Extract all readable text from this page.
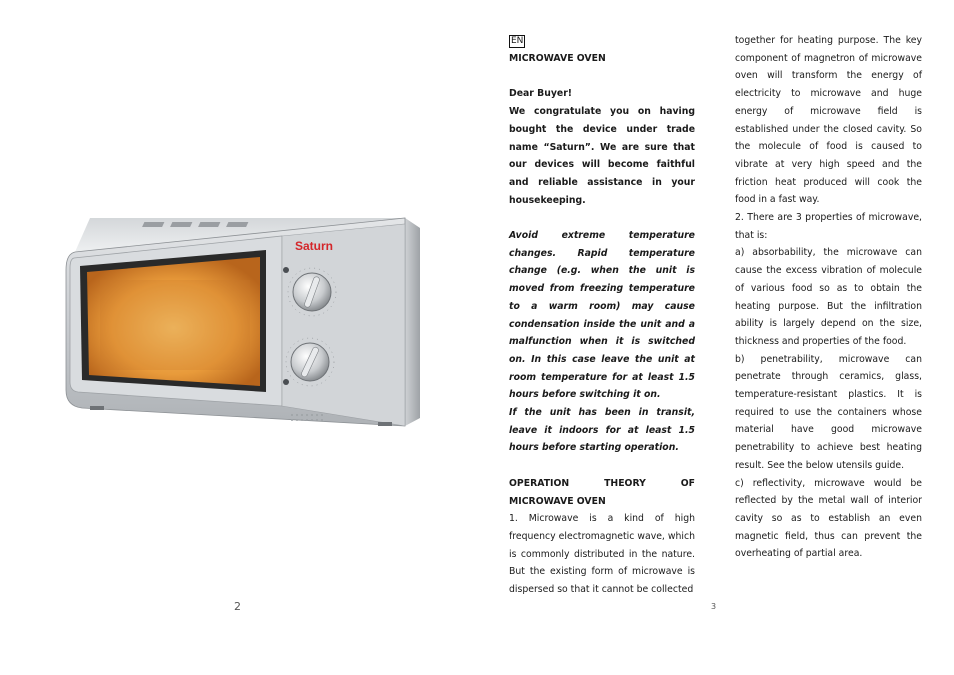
Saturn

EN

MICROWAVE OVEN

Dear Buyer!

We congratulate you on having bought the device under trade name “Saturn”. We are sure that our devices will become faithful and reliable assistance in your housekeeping.

Avoid extreme temperature changes. Rapid temperature change (e.g. when the unit is moved from freezing temperature to a warm room) may cause condensation inside the unit and a malfunction when it is switched on. In this case leave the unit at room temperature for at least 1.5 hours before switching it on.

If the unit has been in transit, leave it indoors for at least 1.5 hours before starting operation.

OPERATION THEORY OF MICROWAVE OVEN

1. Microwave is a kind of high frequency electromagnetic wave, which is commonly distributed in the nature. But the existing form of microwave is dispersed so that it cannot be collected

together for heating purpose. The key component of magnetron of microwave oven will transform the energy of electricity to microwave and huge energy of microwave field is established under the closed cavity. So the molecule of food is caused to vibrate at very high speed and the friction heat produced will cook the food in a fast way.

2. There are 3 properties of microwave, that is:

a) absorbability, the microwave can cause the excess vibration of molecule of various food so as to obtain the heating purpose. But the infiltration ability is largely depend on the size, thickness and properties of the food.

b) penetrability, microwave can penetrate through ceramics, glass, temperature-resistant plastics. It is required to use the containers whose material have good microwave penetrability to achieve best heating result. See the below utensils guide.

c) reflectivity, microwave would be reflected by the metal wall of interior cavity so as to establish an even magnetic field, thus can prevent the overheating of partial area.

2	3
